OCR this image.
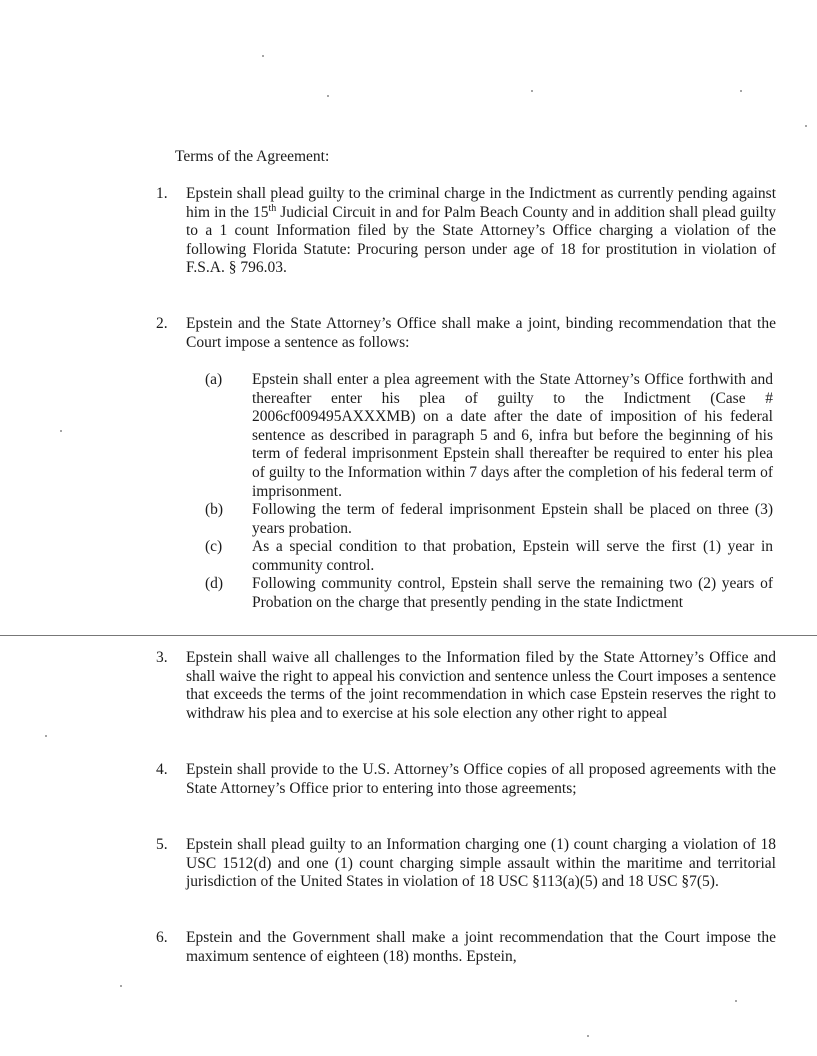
Terms of the Agreement:
1. Epstein shall plead guilty to the criminal charge in the Indictment as currently pending against him in the 15th Judicial Circuit in and for Palm Beach County and in addition shall plead guilty to a 1 count Information filed by the State Attorney’s Office charging a violation of the following Florida Statute: Procuring person under age of 18 for prostitution in violation of F.S.A. § 796.03.
2. Epstein and the State Attorney’s Office shall make a joint, binding recommendation that the Court impose a sentence as follows:
(a) Epstein shall enter a plea agreement with the State Attorney’s Office forthwith and thereafter enter his plea of guilty to the Indictment (Case # 2006cf009495AXXXMB) on a date after the date of imposition of his federal sentence as described in paragraph 5 and 6, infra but before the beginning of his term of federal imprisonment Epstein shall thereafter be required to enter his plea of guilty to the Information within 7 days after the completion of his federal term of imprisonment.
(b) Following the term of federal imprisonment Epstein shall be placed on three (3) years probation.
(c) As a special condition to that probation, Epstein will serve the first (1) year in community control.
(d) Following community control, Epstein shall serve the remaining two (2) years of Probation on the charge that presently pending in the state Indictment
3. Epstein shall waive all challenges to the Information filed by the State Attorney’s Office and shall waive the right to appeal his conviction and sentence unless the Court imposes a sentence that exceeds the terms of the joint recommendation in which case Epstein reserves the right to withdraw his plea and to exercise at his sole election any other right to appeal
4. Epstein shall provide to the U.S. Attorney’s Office copies of all proposed agreements with the State Attorney’s Office prior to entering into those agreements;
5. Epstein shall plead guilty to an Information charging one (1) count charging a violation of 18 USC 1512(d) and one (1) count charging simple assault within the maritime and territorial jurisdiction of the United States in violation of 18 USC §113(a)(5) and 18 USC §7(5).
6. Epstein and the Government shall make a joint recommendation that the Court impose the maximum sentence of eighteen (18) months. Epstein,
